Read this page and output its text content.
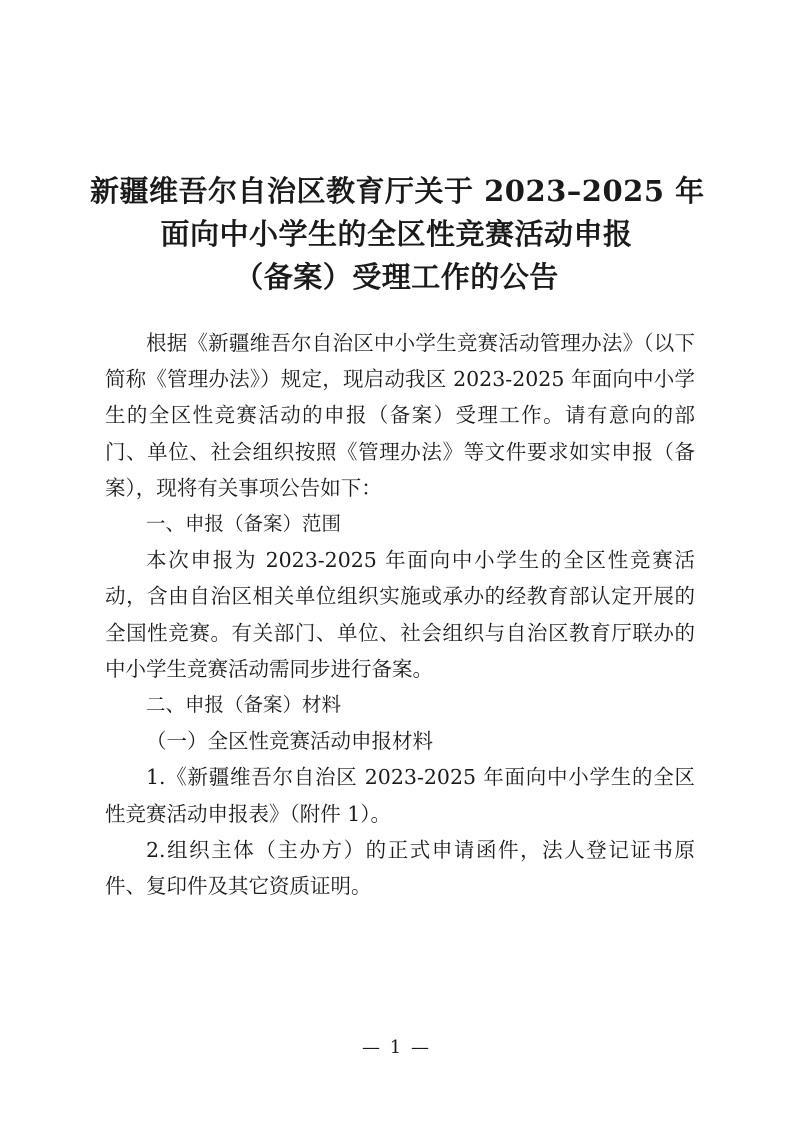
新疆维吾尔自治区教育厅关于 2023–2025 年
面向中小学生的全区性竞赛活动申报
（备案）受理工作的公告

根据《新疆维吾尔自治区中小学生竞赛活动管理办法》（以下简称《管理办法》）规定，现启动我区 2023-2025 年面向中小学生的全区性竞赛活动的申报（备案）受理工作。请有意向的部门、单位、社会组织按照《管理办法》等文件要求如实申报（备案），现将有关事项公告如下：

一、申报（备案）范围

本次申报为 2023-2025 年面向中小学生的全区性竞赛活动，含由自治区相关单位组织实施或承办的经教育部认定开展的全国性竞赛。有关部门、单位、社会组织与自治区教育厅联办的中小学生竞赛活动需同步进行备案。

二、申报（备案）材料

（一）全区性竞赛活动申报材料

1.《新疆维吾尔自治区 2023-2025 年面向中小学生的全区性竞赛活动申报表》（附件 1）。

2.组织主体（主办方）的正式申请函件，法人登记证书原件、复印件及其它资质证明。

— 1 —
